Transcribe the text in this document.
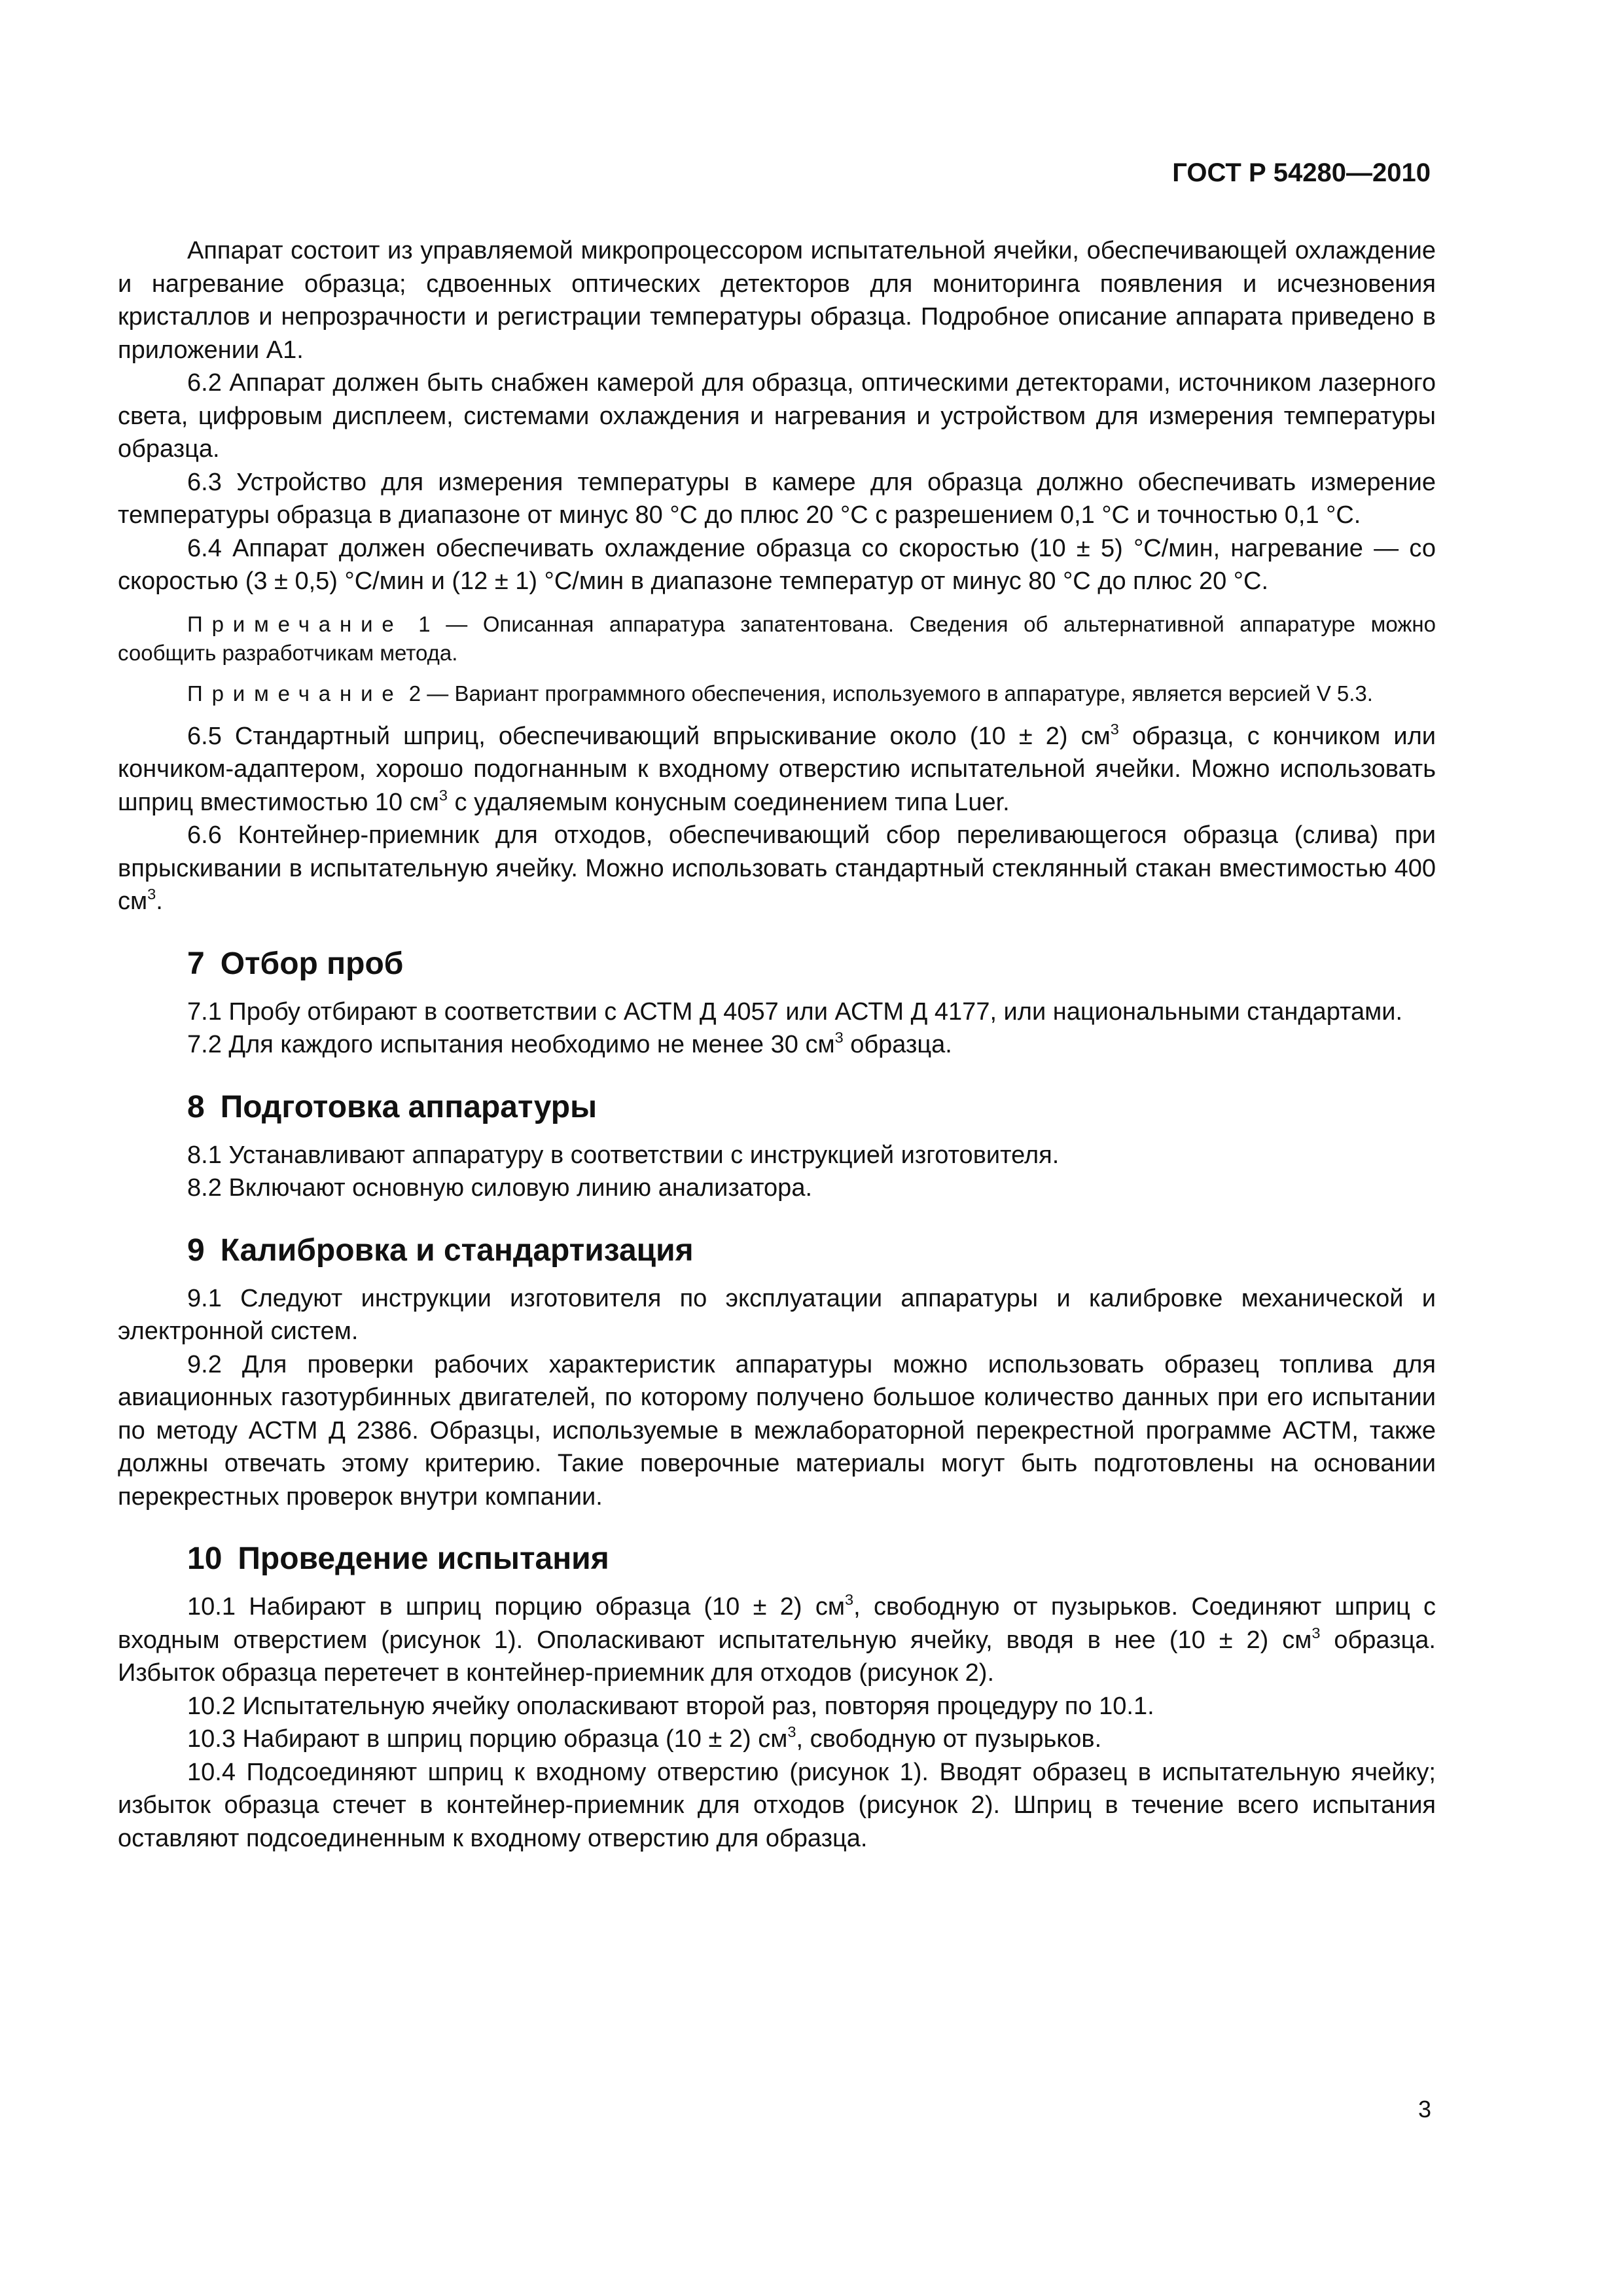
ГОСТ Р 54280—2010

Аппарат состоит из управляемой микропроцессором испытательной ячейки, обеспечивающей охлаждение и нагревание образца; сдвоенных оптических детекторов для мониторинга появления и исчезновения кристаллов и непрозрачности и регистрации температуры образца. Подробное описание аппарата приведено в приложении А1.

6.2 Аппарат должен быть снабжен камерой для образца, оптическими детекторами, источником лазерного света, цифровым дисплеем, системами охлаждения и нагревания и устройством для измерения температуры образца.

6.3 Устройство для измерения температуры в камере для образца должно обеспечивать измерение температуры образца в диапазоне от минус 80 °С до плюс 20 °С с разрешением 0,1 °С и точностью 0,1 °С.

6.4 Аппарат должен обеспечивать охлаждение образца со скоростью (10 ± 5) °С/мин, нагревание — со скоростью (3 ± 0,5) °С/мин и (12 ± 1) °С/мин в диапазоне температур от минус 80 °С до плюс 20 °С.

Примечание 1 — Описанная аппаратура запатентована. Сведения об альтернативной аппаратуре можно сообщить разработчикам метода.

Примечание 2 — Вариант программного обеспечения, используемого в аппаратуре, является версией V 5.3.

6.5 Стандартный шприц, обеспечивающий впрыскивание около (10 ± 2) $см^3$ образца, с кончиком или кончиком-адаптером, хорошо подогнанным к входному отверстию испытательной ячейки. Можно использовать шприц вместимостью 10 $см^3$ с удаляемым конусным соединением типа Luer.

6.6 Контейнер-приемник для отходов, обеспечивающий сбор переливающегося образца (слива) при впрыскивании в испытательную ячейку. Можно использовать стандартный стеклянный стакан вместимостью 400 $см^3$.

7 Отбор проб

7.1 Пробу отбирают в соответствии с АСТМ Д 4057 или АСТМ Д 4177, или национальными стандартами.

7.2 Для каждого испытания необходимо не менее 30 $см^3$ образца.

8 Подготовка аппаратуры

8.1 Устанавливают аппаратуру в соответствии с инструкцией изготовителя.

8.2 Включают основную силовую линию анализатора.

9 Калибровка и стандартизация

9.1 Следуют инструкции изготовителя по эксплуатации аппаратуры и калибровке механической и электронной систем.

9.2 Для проверки рабочих характеристик аппаратуры можно использовать образец топлива для авиационных газотурбинных двигателей, по которому получено большое количество данных при его испытании по методу АСТМ Д 2386. Образцы, используемые в межлабораторной перекрестной программе АСТМ, также должны отвечать этому критерию. Такие поверочные материалы могут быть подготовлены на основании перекрестных проверок внутри компании.

10 Проведение испытания

10.1 Набирают в шприц порцию образца (10 ± 2) $см^3$, свободную от пузырьков. Соединяют шприц с входным отверстием (рисунок 1). Ополаскивают испытательную ячейку, вводя в нее (10 ± 2) $см^3$ образца. Избыток образца перетечет в контейнер-приемник для отходов (рисунок 2).

10.2 Испытательную ячейку ополаскивают второй раз, повторяя процедуру по 10.1.

10.3 Набирают в шприц порцию образца (10 ± 2) $см^3$, свободную от пузырьков.

10.4 Подсоединяют шприц к входному отверстию (рисунок 1). Вводят образец в испытательную ячейку; избыток образца стечет в контейнер-приемник для отходов (рисунок 2). Шприц в течение всего испытания оставляют подсоединенным к входному отверстию для образца.

3
